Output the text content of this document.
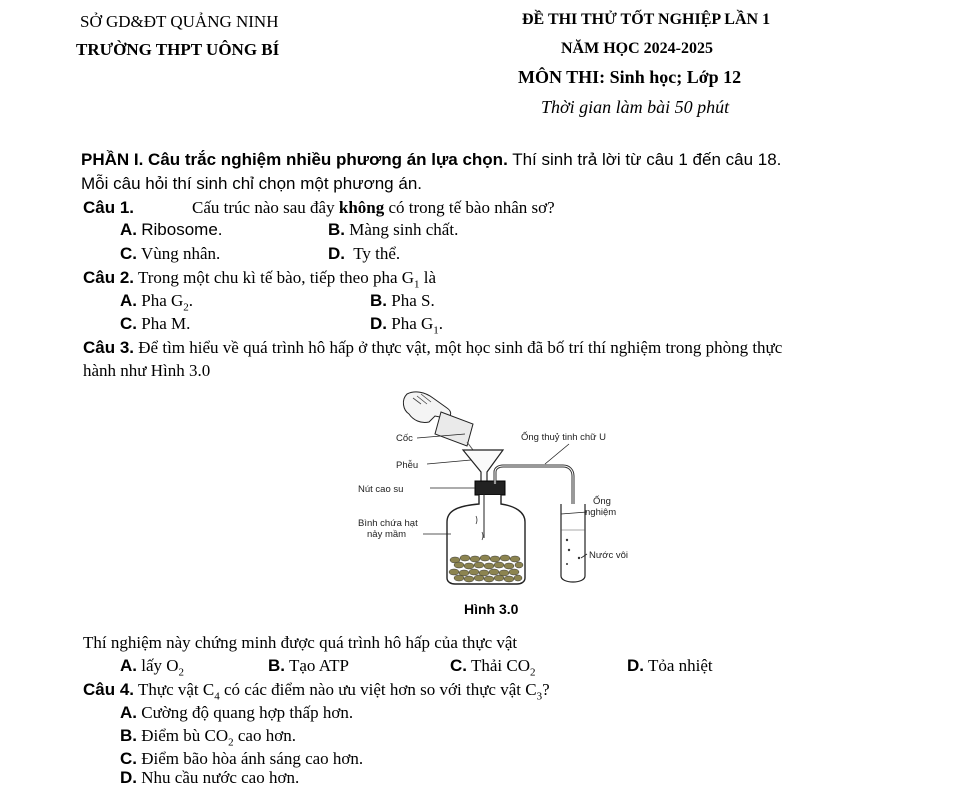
SỞ GD&ĐT QUẢNG NINH
TRƯỜNG THPT UÔNG BÍ
ĐỀ THI THỬ TỐT NGHIỆP LẦN 1
NĂM HỌC 2024-2025
MÔN THI: Sinh học; Lớp 12
Thời gian làm bài 50 phút
PHẦN I. Câu trắc nghiệm nhiều phương án lựa chọn. Thí sinh trả lời từ câu 1 đến câu 18.
Mỗi câu hỏi thí sinh chỉ chọn một phương án.
Câu 1.	Cấu trúc nào sau đây không có trong tế bào nhân sơ?
A. Ribosome.	B. Màng sinh chất.
C. Vùng nhân.	D. Ty thể.
Câu 2. Trong một chu kì tế bào, tiếp theo pha $G_1$ là
A. Pha $G_2$.	B. Pha S.
C. Pha M.	D. Pha $G_1$.
Câu 3. Để tìm hiểu về quá trình hô hấp ở thực vật, một học sinh đã bố trí thí nghiệm trong phòng thực
hành như Hình 3.0
Cốc
Phễu
Nút cao su
Bình chứa hạt
nảy mầm
Ống thuỷ tinh chữ U
Ống
nghiệm
Nước vôi
Hình 3.0
Thí nghiệm này chứng minh được quá trình hô hấp của thực vật
A. lấy $O_2$	B. Tạo ATP	C. Thải $CO_2$	D. Tỏa nhiệt
Câu 4. Thực vật $C_4$ có các điểm nào ưu việt hơn so với thực vật $C_3$?
A. Cường độ quang hợp thấp hơn.
B. Điểm bù $CO_2$ cao hơn.
C. Điểm bão hòa ánh sáng cao hơn.
D. Nhu cầu nước cao hơn.
